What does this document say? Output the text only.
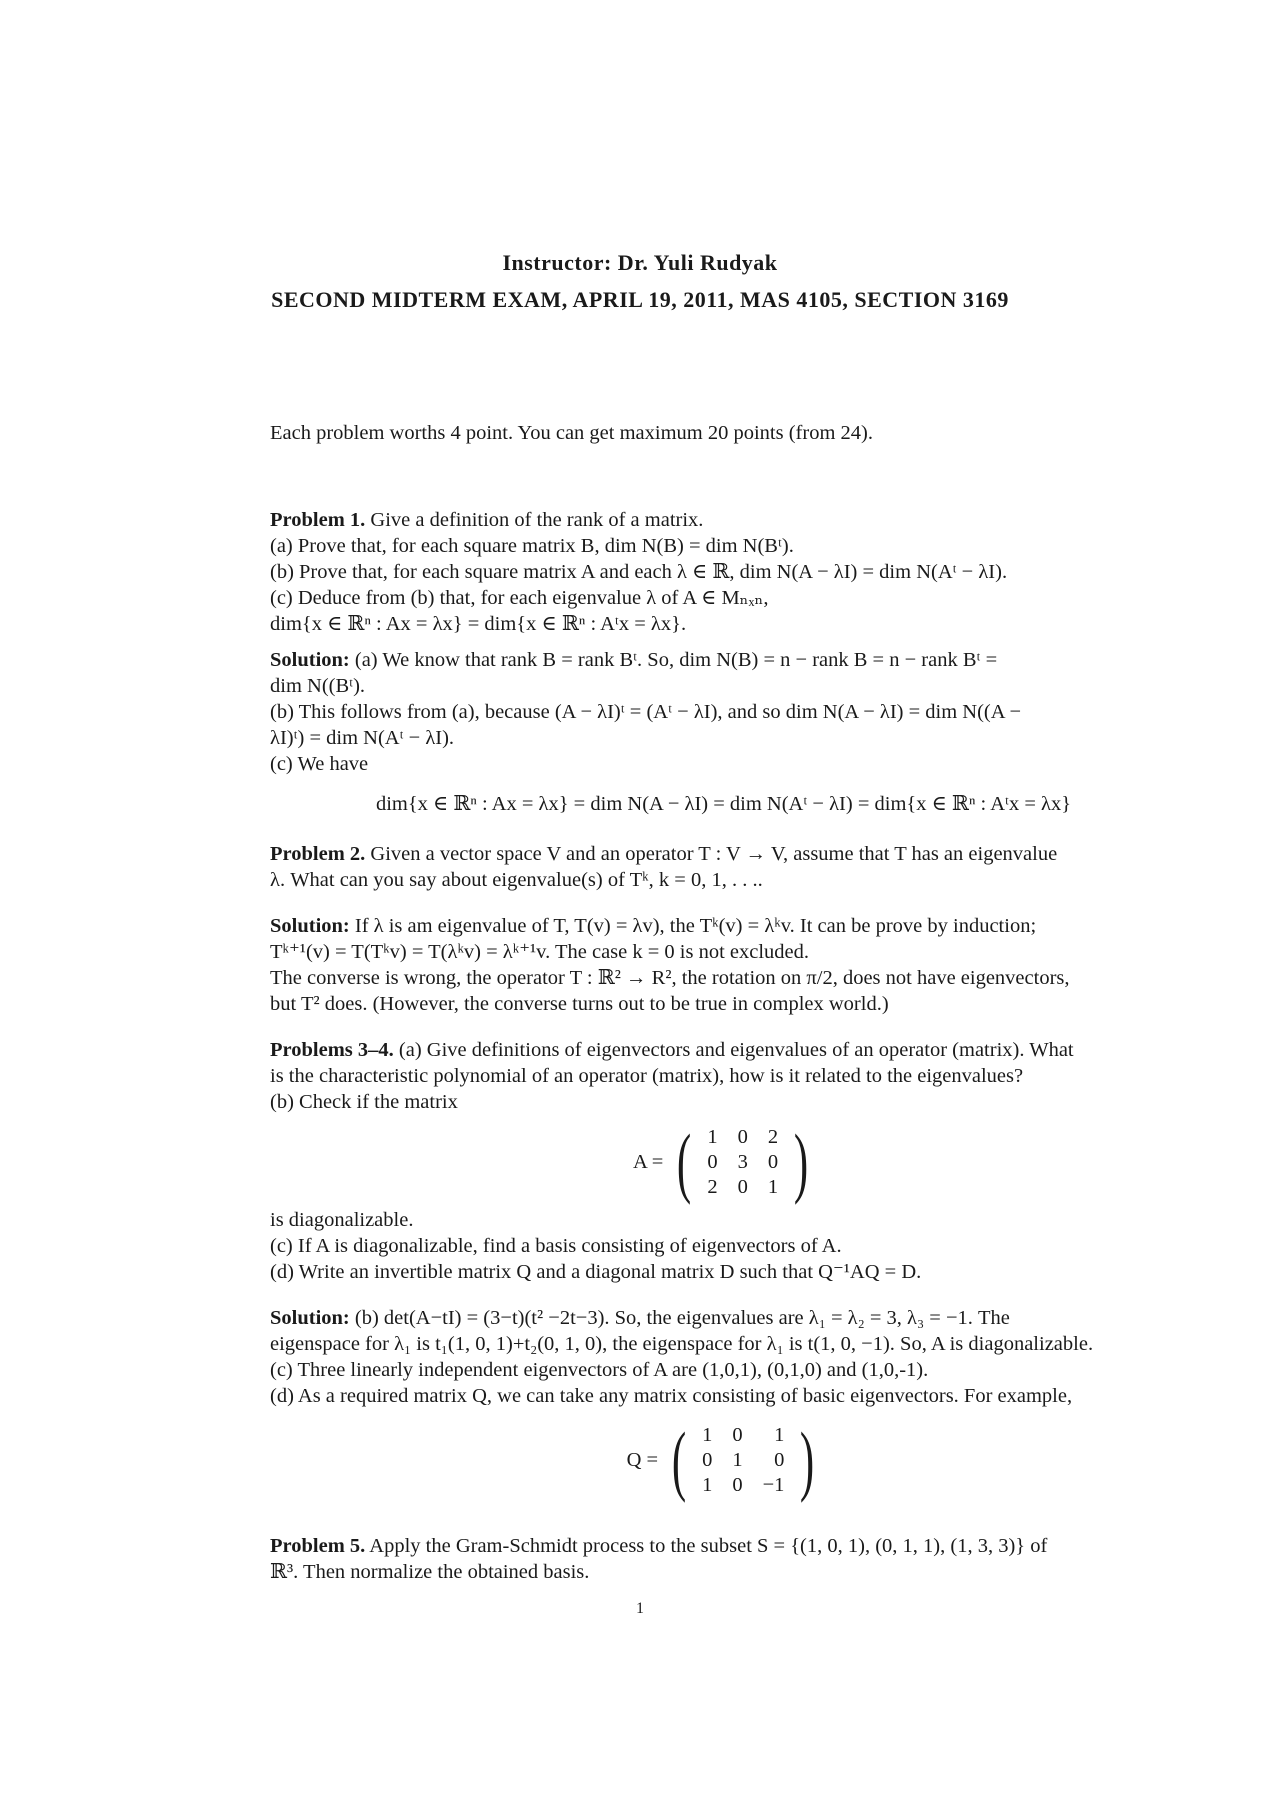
Instructor: Dr. Yuli Rudyak
SECOND MIDTERM EXAM, APRIL 19, 2011, MAS 4105, SECTION 3169

Each problem worths 4 point. You can get maximum 20 points (from 24).

Problem 1. Give a definition of the rank of a matrix.

(a) Prove that, for each square matrix B, dim N(B) = dim N(Bᵗ).

(b) Prove that, for each square matrix A and each λ ∈ ℝ, dim N(A − λI) = dim N(Aᵗ − λI).

(c) Deduce from (b) that, for each eigenvalue λ of A ∈ Mₙₓₙ,

dim{x ∈ ℝⁿ : Ax = λx} = dim{x ∈ ℝⁿ : Aᵗx = λx}.

Solution: (a) We know that rank B = rank Bᵗ. So, dim N(B) = n − rank B = n − rank Bᵗ =

dim N((Bᵗ).

(b) This follows from (a), because (A − λI)ᵗ = (Aᵗ − λI), and so dim N(A − λI) = dim N((A −

λI)ᵗ) = dim N(Aᵗ − λI).

(c) We have

dim{x ∈ ℝⁿ : Ax = λx} = dim N(A − λI) = dim N(Aᵗ − λI) = dim{x ∈ ℝⁿ : Aᵗx = λx}

Problem 2. Given a vector space V and an operator T : V → V, assume that T has an eigenvalue

λ. What can you say about eigenvalue(s) of Tᵏ, k = 0, 1, . . ..

Solution: If λ is am eigenvalue of T, T(v) = λv), the Tᵏ(v) = λᵏv. It can be prove by induction;

Tᵏ⁺¹(v) = T(Tᵏv) = T(λᵏv) = λᵏ⁺¹v. The case k = 0 is not excluded.

The converse is wrong, the operator T : ℝ² → R², the rotation on π/2, does not have eigenvectors,

but T² does. (However, the converse turns out to be true in complex world.)

Problems 3–4. (a) Give definitions of eigenvectors and eigenvalues of an operator (matrix). What

is the characteristic polynomial of an operator (matrix), how is it related to the eigenvalues?

(b) Check if the matrix

A = ( 1	0	2
0	3	0
2	0	1 )

is diagonalizable.

(c) If A is diagonalizable, find a basis consisting of eigenvectors of A.

(d) Write an invertible matrix Q and a diagonal matrix D such that Q⁻¹AQ = D.

Solution: (b) det(A−tI) = (3−t)(t² −2t−3). So, the eigenvalues are λ₁ = λ₂ = 3, λ₃ = −1. The

eigenspace for λ₁ is t₁(1, 0, 1)+t₂(0, 1, 0), the eigenspace for λ₁ is t(1, 0, −1). So, A is diagonalizable.

(c) Three linearly independent eigenvectors of A are (1,0,1), (0,1,0) and (1,0,-1).

(d) As a required matrix Q, we can take any matrix consisting of basic eigenvectors. For example,

Q = ( 1	0	1
0	1	0
1	0	−1 )

Problem 5. Apply the Gram-Schmidt process to the subset S = {(1, 0, 1), (0, 1, 1), (1, 3, 3)} of

ℝ³. Then normalize the obtained basis.

1
